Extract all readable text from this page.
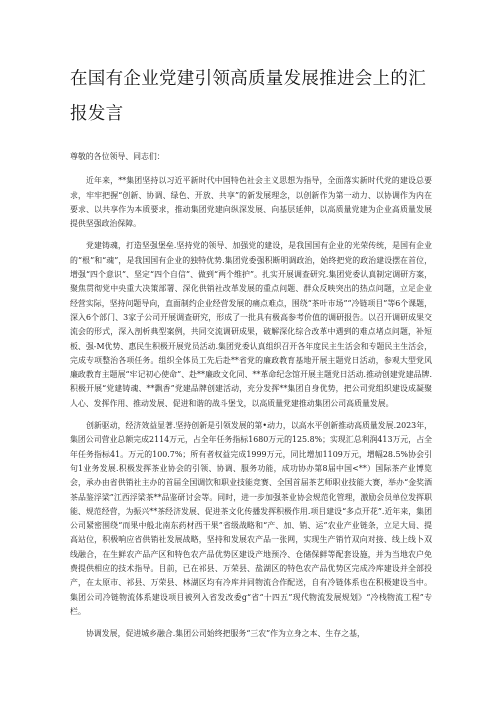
在国有企业党建引领高质量发展推进会上的汇报发言

尊敬的各位领导、同志们：

近年来，**集团坚持以习近平新时代中国特色社会主义思想为指导，全面落实新时代党的建设总要求，牢牢把握“创新、协调、绿色、开放、共享”的新发展理念，以创新作为第一动力、以协调作为内在要求、以共享作为本质要求，推动集团党建向纵深发展、向基层延伸，以高质量党建为企业高质量发展提供坚强政治保障。

党建铸魂，打造坚强堡垒.坚持党的领导、加强党的建设，是我国国有企业的光荣传统，是国有企业的“根”和“魂”，是我国国有企业的独特优势.集团党委强积断明调政治，始终把党的政治建设摆在首位，增强“四个意识”、坚定“四个自信”、做到“两个维护”。扎实开展调查研究.集团党委认真制定调研方案，聚焦贯彻党中央重大决策部署、深化供销社改革发展的重点问题、群众反映突出的热点问题，立足企业经营实际，坚持问题导向，直面制约企业经营发展的痛点难点，围绕“茶叶市场”“冷链项目”等6个课题，深入6个部门、3家子公司开展调查研究，形成了一批具有极高参考价值的调研报告。以召开调研成果交流会的形式，深入剖析典型案例，共同交流调研成果，破解深化综合改革中遇到的难点堵点问题，补短板、强-M优势、惠民生积极开展党员活动.集团党委认真组织召开各年度民主生活会和专题民主生活会，完成专项整治各项任务。组织全体员工先后赴**省党的廉政教育基地开展主题党日活动，参观大型党风廉政教育主题展“牢记初心使命”、赴**廉政文化同、**革命纪念馆开展主题党日活动.推动创建党建品牌.积极开展“党建铸魂、**飘香”党建品牌创建活动，充分发挥**集团自身优势，把公司党组织建设成凝聚人心、发挥作用、推动发展、促进和谐的战斗堡戈，以高质量党建推动集团公司高质量发展。

创新驱动，经济效益显著.坚持创新是引领发展的第•动力，以高水平创新推动高质量发展.2023年，集团公司营业总额完成2114万元，占全年任务指标1680万元的125.8%；实现汇总利润413万元，占全年任务指标41。万元的100.7%；所有者权益完成1999万元，同比增加1109万元，增幅28.5%协会引句1业务发展.积极发挥茶业协会的引领、协调、服务功能，成功协办第8届中国<**）国际茶产业博览会，承办由省供销社主办的首届全国调饮和职业技能竞赛、全国首届茶艺师职业技能大赛，举办“金奖酒茶品鉴浮梁”江西浮梁茶**品鉴研讨会等。同时，进一步加强茶业协会规范化管理，激励会员单位发挥职能、规范经营，为振兴**茶经济发展、促进茶文化传播发挥积极作用.项目建设“多点开花”.近年来，集团公司紧密围绕“而果中般北南东药材西干果”省级战略和“产、加、销、运”农业产业链条，立足大局、提高站位，积极响应省供销社发展战略，坚持和发展农产品一张网，实现生产销竹双向对接、线上线卜双线融合，在生鲜农产品产区和特色农产品优势区建设产地预冷、仓储保鲜等配套设施，并为当地农户免费提供相应的技术指导。目前，已在祁县、万荣县、盐湖区的特色农产品优势区完成冷库建设并全部投产，在太原市、祁县、万荣县、林湖区均有冷库并同物流合作配送，自有冷链体系也在积极建设当中。集团公司冷链物流体系建设项目被列入省发改委g“省“十四五”现代物流发展规划》“冷栈物流工程”专栏。

协调发展，促进城乡融合.集团公司始终把服务“三农”作为立身之本、生存之基，
